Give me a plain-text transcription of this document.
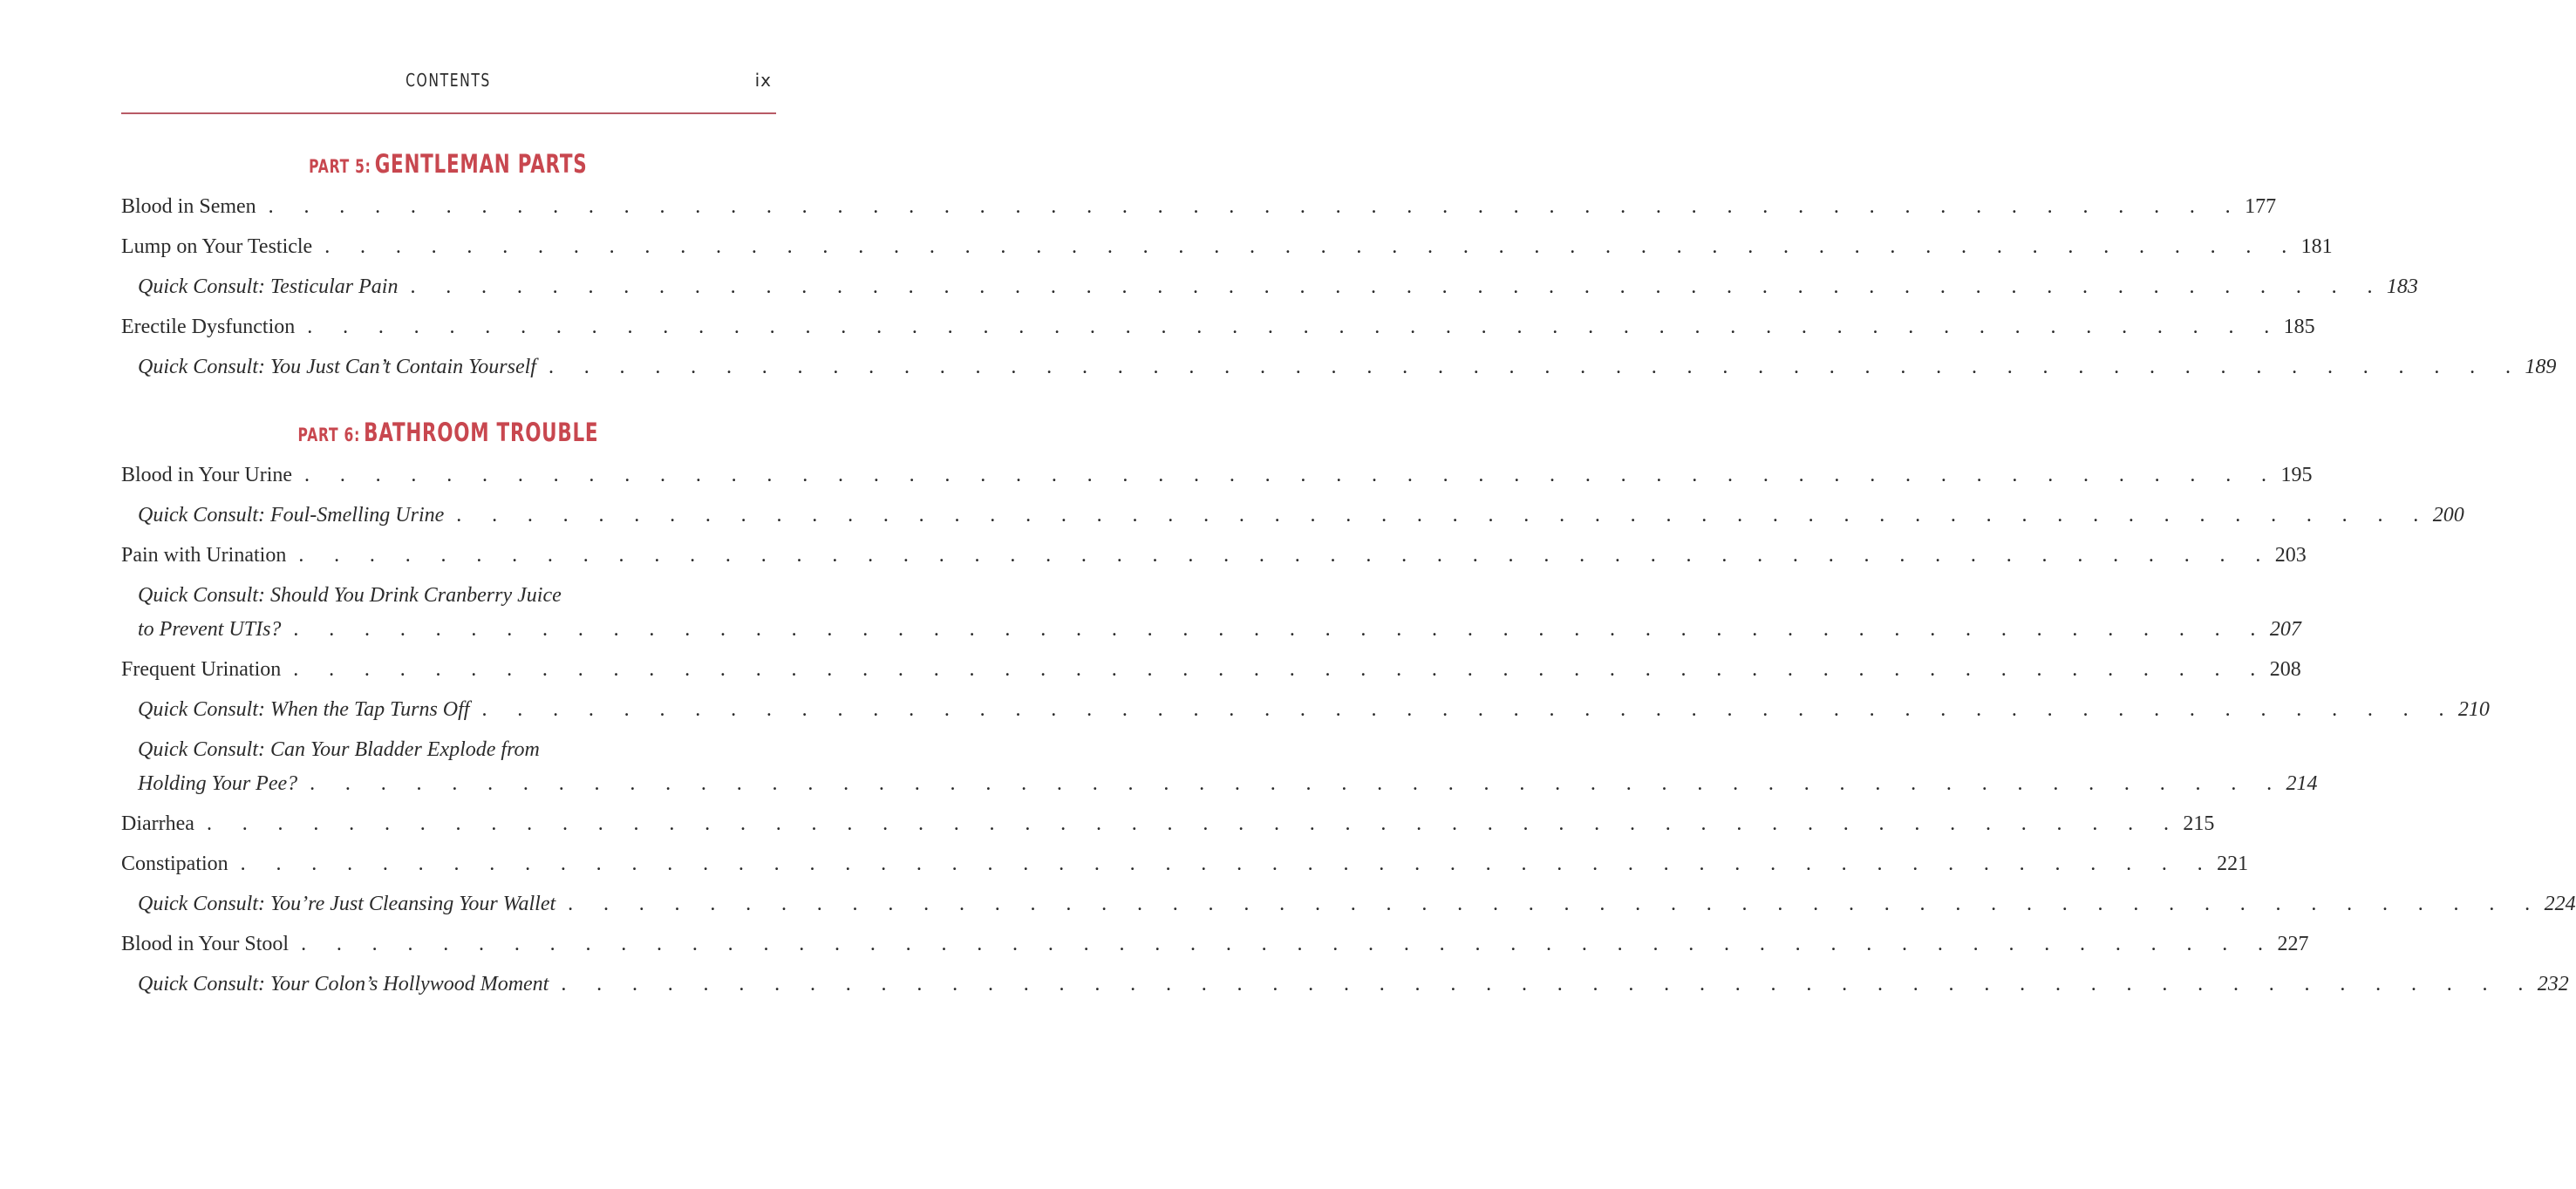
CONTENTS	ix
PART 5: GENTLEMAN PARTS
Blood in Semen . . . . . . . . . . . . . . . . . . . . . . . . . . . . . . . . . . . . . . . . . . . . . . . . . . . . . . . . 177
Lump on Your Testicle . . . . . . . . . . . . . . . . . . . . . . . . . . . . . . . . . . . . . . . . . . . . . . . . . . . . . . . . 181
Quick Consult: Testicular Pain . . . . . . . . . . . . . . . . . . . . . . . . . . . . . . . . . . . . . . . . . . . . . . . . . . . . . . . . 183
Erectile Dysfunction . . . . . . . . . . . . . . . . . . . . . . . . . . . . . . . . . . . . . . . . . . . . . . . . . . . . . . . . 185
Quick Consult: You Just Can’t Contain Yourself . . . . . . . . . . . . . . . . . . . . . . . . . . . . . . . . . . . . . . . . . . . . . . . . . . . . . . . . 189
PART 6: BATHROOM TROUBLE
Blood in Your Urine . . . . . . . . . . . . . . . . . . . . . . . . . . . . . . . . . . . . . . . . . . . . . . . . . . . . . . . . 195
Quick Consult: Foul-Smelling Urine . . . . . . . . . . . . . . . . . . . . . . . . . . . . . . . . . . . . . . . . . . . . . . . . . . . . . . . . 200
Pain with Urination . . . . . . . . . . . . . . . . . . . . . . . . . . . . . . . . . . . . . . . . . . . . . . . . . . . . . . . . 203
Quick Consult: Should You Drink Cranberry Juice
to Prevent UTIs? . . . . . . . . . . . . . . . . . . . . . . . . . . . . . . . . . . . . . . . . . . . . . . . . . . . . . . . . 207
Frequent Urination . . . . . . . . . . . . . . . . . . . . . . . . . . . . . . . . . . . . . . . . . . . . . . . . . . . . . . . . 208
Quick Consult: When the Tap Turns Off . . . . . . . . . . . . . . . . . . . . . . . . . . . . . . . . . . . . . . . . . . . . . . . . . . . . . . . . 210
Quick Consult: Can Your Bladder Explode from
Holding Your Pee? . . . . . . . . . . . . . . . . . . . . . . . . . . . . . . . . . . . . . . . . . . . . . . . . . . . . . . . . 214
Diarrhea . . . . . . . . . . . . . . . . . . . . . . . . . . . . . . . . . . . . . . . . . . . . . . . . . . . . . . . . 215
Constipation . . . . . . . . . . . . . . . . . . . . . . . . . . . . . . . . . . . . . . . . . . . . . . . . . . . . . . . . 221
Quick Consult: You’re Just Cleansing Your Wallet . . . . . . . . . . . . . . . . . . . . . . . . . . . . . . . . . . . . . . . . . . . . . . . . . . . . . . . . 224
Blood in Your Stool . . . . . . . . . . . . . . . . . . . . . . . . . . . . . . . . . . . . . . . . . . . . . . . . . . . . . . . . 227
Quick Consult: Your Colon’s Hollywood Moment . . . . . . . . . . . . . . . . . . . . . . . . . . . . . . . . . . . . . . . . . . . . . . . . . . . . . . . . 232
